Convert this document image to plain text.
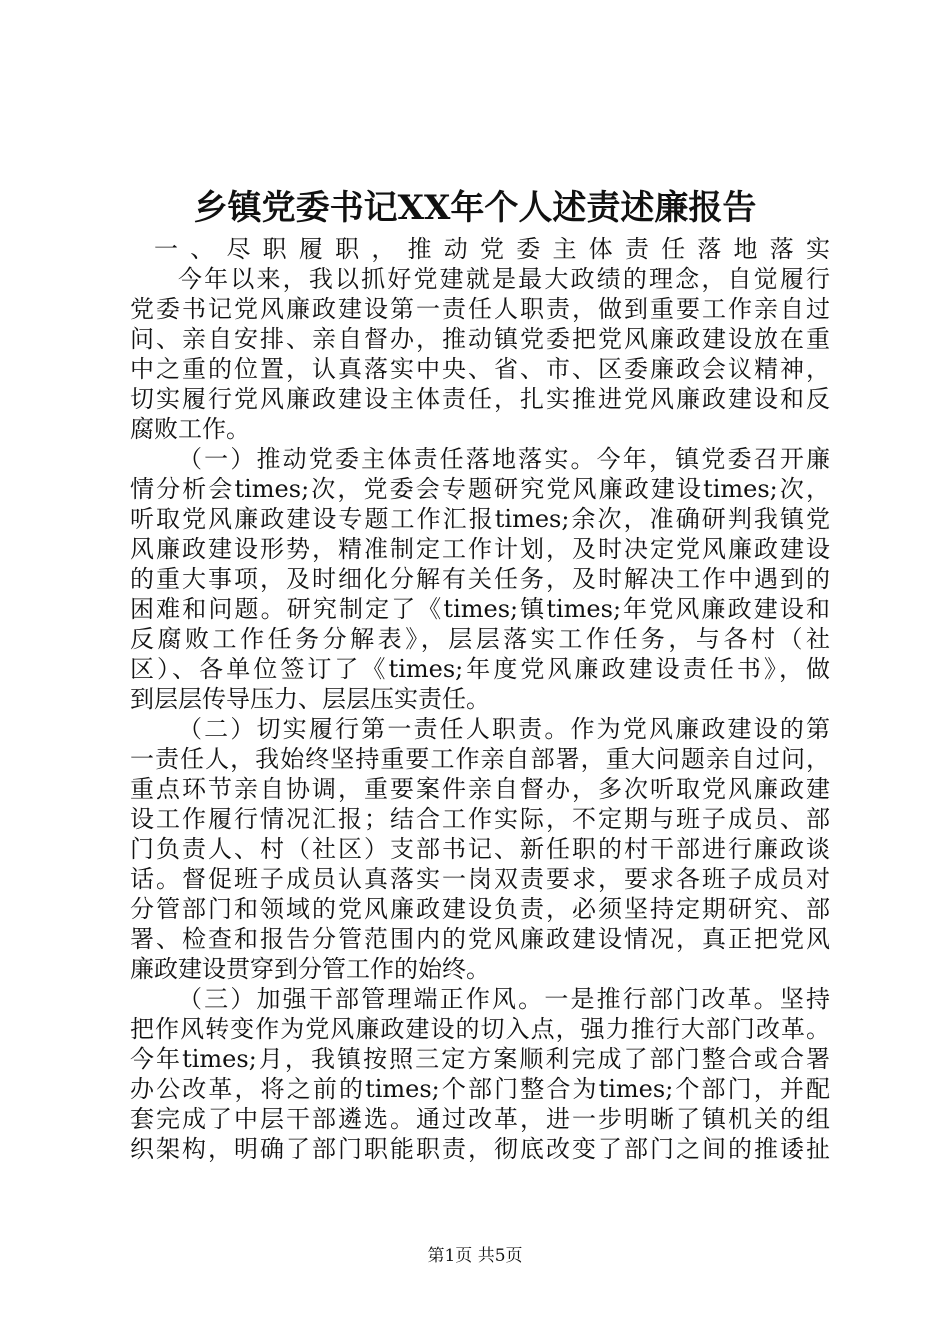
乡镇党委书记XX年个人述责述廉报告
一、尽职履职，推动党委主体责任落地落实
今年以来，我以抓好党建就是最大政绩的理念，自觉履行
党委书记党风廉政建设第一责任人职责，做到重要工作亲自过
问、亲自安排、亲自督办，推动镇党委把党风廉政建设放在重
中之重的位置，认真落实中央、省、市、区委廉政会议精神，
切实履行党风廉政建设主体责任，扎实推进党风廉政建设和反
腐败工作。
（一）推动党委主体责任落地落实。今年，镇党委召开廉
情分析会times;次，党委会专题研究党风廉政建设times;次，
听取党风廉政建设专题工作汇报times;余次，准确研判我镇党
风廉政建设形势，精准制定工作计划，及时决定党风廉政建设
的重大事项，及时细化分解有关任务，及时解决工作中遇到的
困难和问题。研究制定了《times;镇times;年党风廉政建设和
反腐败工作任务分解表》，层层落实工作任务，与各村（社
区）、各单位签订了《times;年度党风廉政建设责任书》，做
到层层传导压力、层层压实责任。
（二）切实履行第一责任人职责。作为党风廉政建设的第
一责任人，我始终坚持重要工作亲自部署，重大问题亲自过问，
重点环节亲自协调，重要案件亲自督办，多次听取党风廉政建
设工作履行情况汇报；结合工作实际，不定期与班子成员、部
门负责人、村（社区）支部书记、新任职的村干部进行廉政谈
话。督促班子成员认真落实一岗双责要求，要求各班子成员对
分管部门和领域的党风廉政建设负责，必须坚持定期研究、部
署、检查和报告分管范围内的党风廉政建设情况，真正把党风
廉政建设贯穿到分管工作的始终。
（三）加强干部管理端正作风。一是推行部门改革。坚持
把作风转变作为党风廉政建设的切入点，强力推行大部门改革。
今年times;月，我镇按照三定方案顺利完成了部门整合或合署
办公改革，将之前的times;个部门整合为times;个部门，并配
套完成了中层干部遴选。通过改革，进一步明晰了镇机关的组
织架构，明确了部门职能职责，彻底改变了部门之间的推诿扯
第1页 共5页
